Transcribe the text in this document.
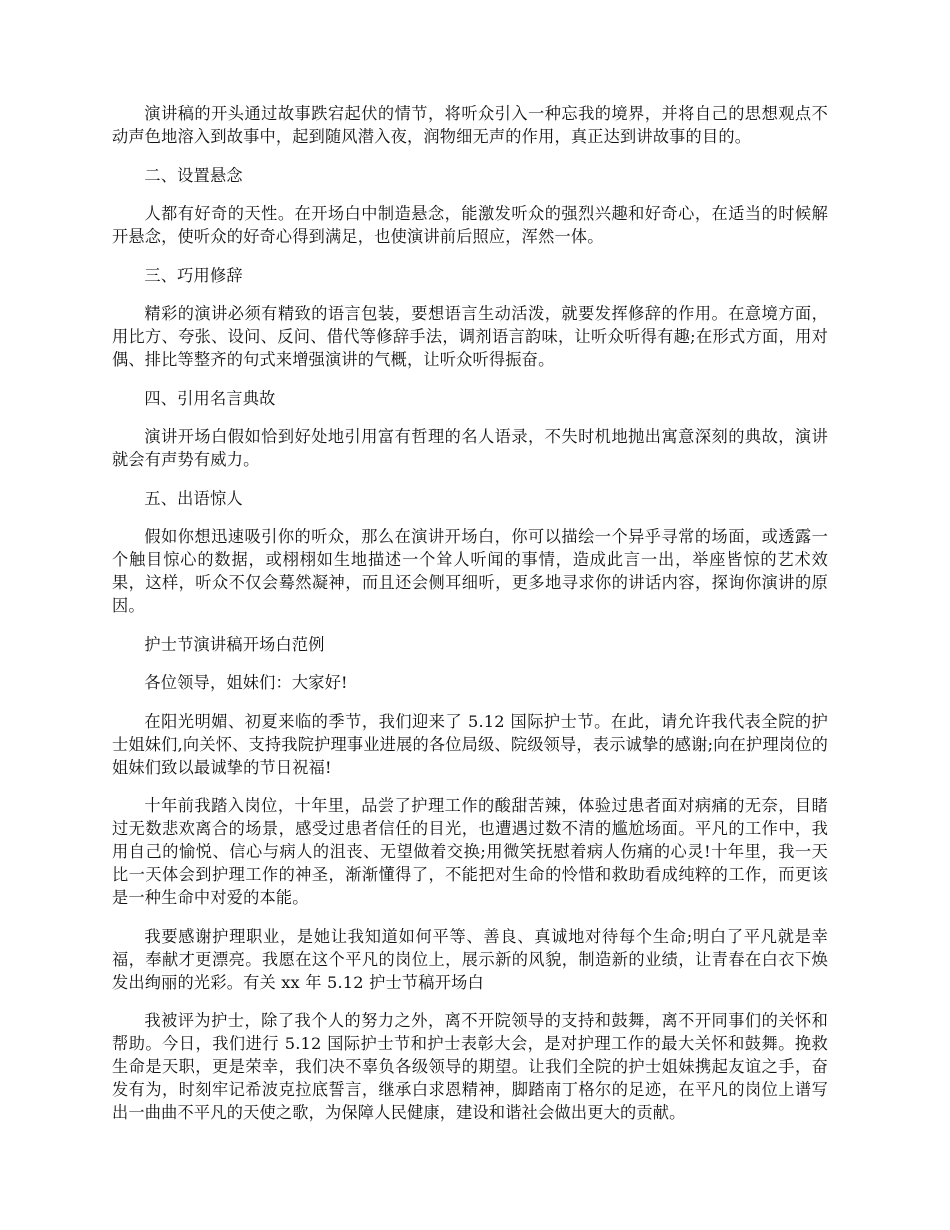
演讲稿的开头通过故事跌宕起伏的情节，将听众引入一种忘我的境界，并将自己的思想观点不动声色地溶入到故事中，起到随风潜入夜，润物细无声的作用，真正达到讲故事的目的。

二、设置悬念

人都有好奇的天性。在开场白中制造悬念，能激发听众的强烈兴趣和好奇心，在适当的时候解开悬念，使听众的好奇心得到满足，也使演讲前后照应，浑然一体。

三、巧用修辞

精彩的演讲必须有精致的语言包装，要想语言生动活泼，就要发挥修辞的作用。在意境方面，用比方、夸张、设问、反问、借代等修辞手法，调剂语言韵味，让听众听得有趣;在形式方面，用对偶、排比等整齐的句式来增强演讲的气概，让听众听得振奋。

四、引用名言典故

演讲开场白假如恰到好处地引用富有哲理的名人语录，不失时机地抛出寓意深刻的典故，演讲就会有声势有威力。

五、出语惊人

假如你想迅速吸引你的听众，那么在演讲开场白，你可以描绘一个异乎寻常的场面，或透露一个触目惊心的数据，或栩栩如生地描述一个耸人听闻的事情，造成此言一出，举座皆惊的艺术效果，这样，听众不仅会蓦然凝神，而且还会侧耳细听，更多地寻求你的讲话内容，探询你演讲的原因。

护士节演讲稿开场白范例

各位领导，姐妹们：大家好!

在阳光明媚、初夏来临的季节，我们迎来了 5.12 国际护士节。在此，请允许我代表全院的护士姐妹们,向关怀、支持我院护理事业进展的各位局级、院级领导，表示诚挚的感谢;向在护理岗位的姐妹们致以最诚挚的节日祝福!

十年前我踏入岗位，十年里，品尝了护理工作的酸甜苦辣，体验过患者面对病痛的无奈，目睹过无数悲欢离合的场景，感受过患者信任的目光，也遭遇过数不清的尴尬场面。平凡的工作中，我用自己的愉悦、信心与病人的沮丧、无望做着交换;用微笑抚慰着病人伤痛的心灵!十年里，我一天比一天体会到护理工作的神圣，渐渐懂得了，不能把对生命的怜惜和救助看成纯粹的工作，而更该是一种生命中对爱的本能。

我要感谢护理职业，是她让我知道如何平等、善良、真诚地对待每个生命;明白了平凡就是幸福，奉献才更漂亮。我愿在这个平凡的岗位上，展示新的风貌，制造新的业绩，让青春在白衣下焕发出绚丽的光彩。有关 xx 年 5.12 护士节稿开场白

我被评为护士，除了我个人的努力之外，离不开院领导的支持和鼓舞，离不开同事们的关怀和帮助。今日，我们进行 5.12 国际护士节和护士表彰大会，是对护理工作的最大关怀和鼓舞。挽救生命是天职，更是荣幸，我们决不辜负各级领导的期望。让我们全院的护士姐妹携起友谊之手，奋发有为，时刻牢记希波克拉底誓言，继承白求恩精神，脚踏南丁格尔的足迹，在平凡的岗位上谱写出一曲曲不平凡的天使之歌，为保障人民健康，建设和谐社会做出更大的贡献。
